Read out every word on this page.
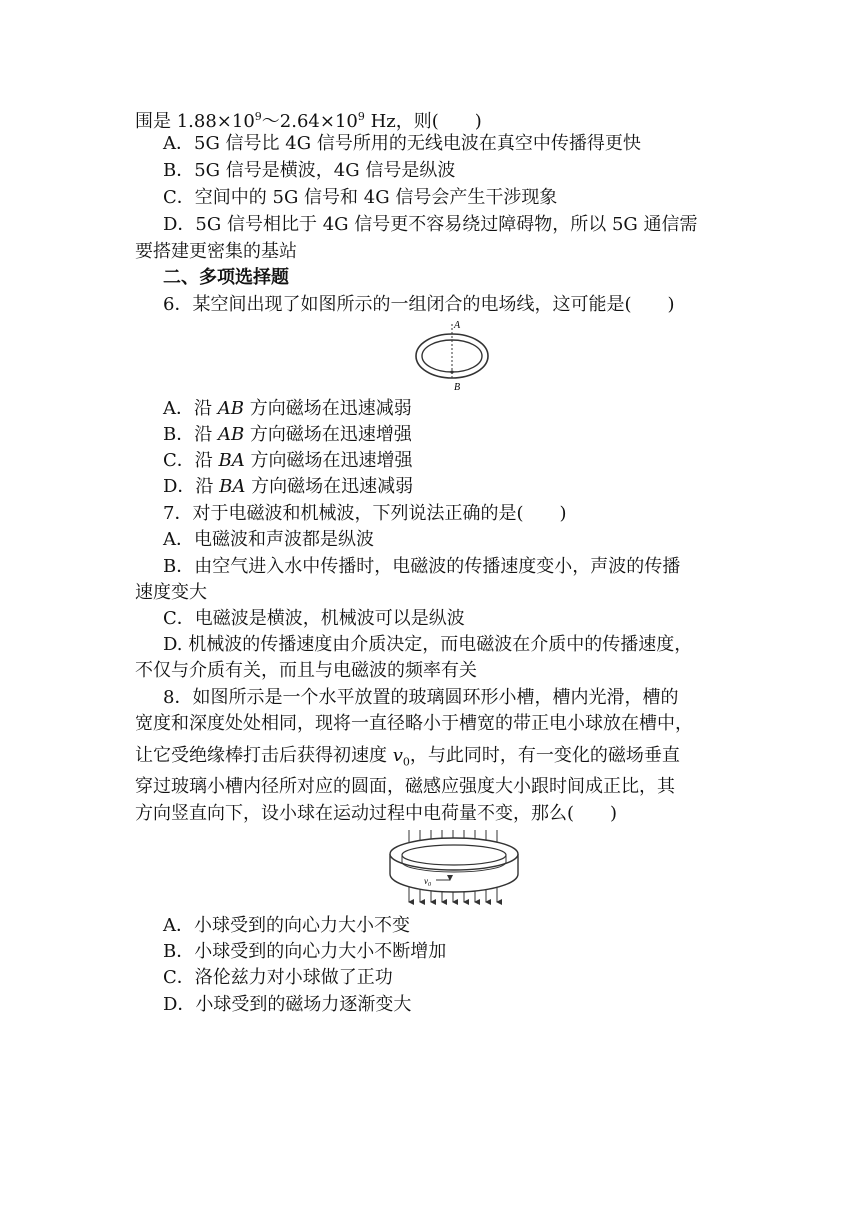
围是 $1.88\times 10^9\sim 2.64\times 10^9$ Hz，则(　　)
A．5G 信号比 4G 信号所用的无线电波在真空中传播得更快
B．5G 信号是横波，4G 信号是纵波
C．空间中的 5G 信号和 4G 信号会产生干涉现象
D．5G 信号相比于 4G 信号更不容易绕过障碍物，所以 5G 通信需
要搭建更密集的基站
二、多项选择题
6．某空间出现了如图所示的一组闭合的电场线，这可能是(　　)
A
B
A．沿 AB 方向磁场在迅速减弱
B．沿 AB 方向磁场在迅速增强
C．沿 BA 方向磁场在迅速增强
D．沿 BA 方向磁场在迅速减弱
7．对于电磁波和机械波，下列说法正确的是(　　)
A．电磁波和声波都是纵波
B．由空气进入水中传播时，电磁波的传播速度变小，声波的传播
速度变大
C．电磁波是横波，机械波可以是纵波
D. 机械波的传播速度由介质决定，而电磁波在介质中的传播速度，
不仅与介质有关，而且与电磁波的频率有关
8．如图所示是一个水平放置的玻璃圆环形小槽，槽内光滑，槽的
宽度和深度处处相同，现将一直径略小于槽宽的带正电小球放在槽中，
让它受绝缘棒打击后获得初速度 $v_0$，与此同时，有一变化的磁场垂直
穿过玻璃小槽内径所对应的圆面，磁感应强度大小跟时间成正比，其
方向竖直向下，设小球在运动过程中电荷量不变，那么(　　)
$v_0$
A．小球受到的向心力大小不变
B．小球受到的向心力大小不断增加
C．洛伦兹力对小球做了正功
D．小球受到的磁场力逐渐变大
